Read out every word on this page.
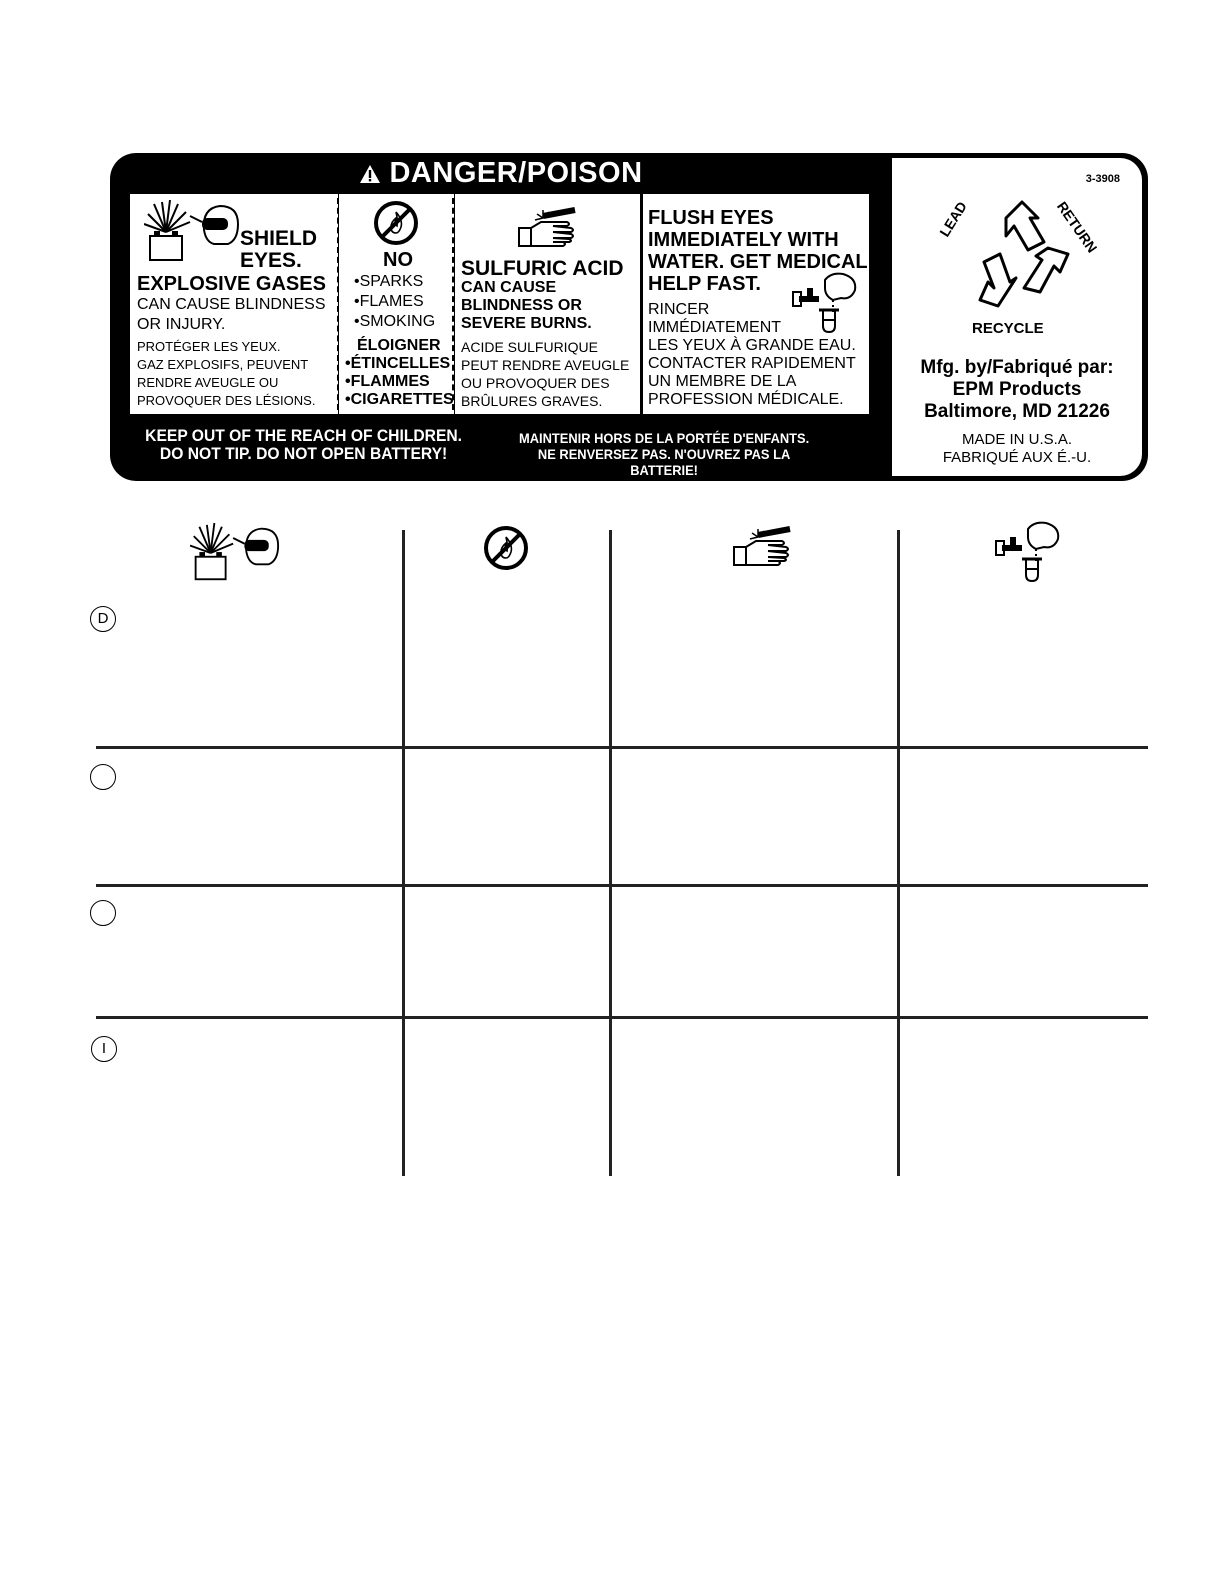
DANGER/POISON
SHIELD
EYES.
EXPLOSIVE GASES
CAN CAUSE BLINDNESS
OR INJURY.
PROTÉGER LES YEUX.
GAZ EXPLOSIFS, PEUVENT
RENDRE AVEUGLE OU
PROVOQUER DES LÉSIONS.
NO
•SPARKS
•FLAMES
•SMOKING
ÉLOIGNER
•ÉTINCELLES
•FLAMMES
•CIGARETTES
SULFURIC ACID
CAN CAUSE
BLINDNESS OR
SEVERE BURNS.
ACIDE SULFURIQUE
PEUT RENDRE AVEUGLE
OU PROVOQUER DES
BRÛLURES GRAVES.
FLUSH EYES
IMMEDIATELY WITH
WATER. GET MEDICAL
HELP FAST.
RINCER
IMMÉDIATEMENT
LES YEUX À GRANDE EAU.
CONTACTER RAPIDEMENT
UN MEMBRE DE LA
PROFESSION MÉDICALE.
KEEP OUT OF THE REACH OF CHILDREN.
DO NOT TIP. DO NOT OPEN BATTERY!
MAINTENIR HORS DE LA PORTÉE D'ENFANTS.
NE RENVERSEZ PAS. N'OUVREZ PAS LA BATTERIE!
3-3908
LEAD	RETURN
RECYCLE
Mfg. by/Fabriqué par:
EPM Products
Baltimore, MD 21226
MADE IN U.S.A.
FABRIQUÉ AUX É.-U.
D
I
